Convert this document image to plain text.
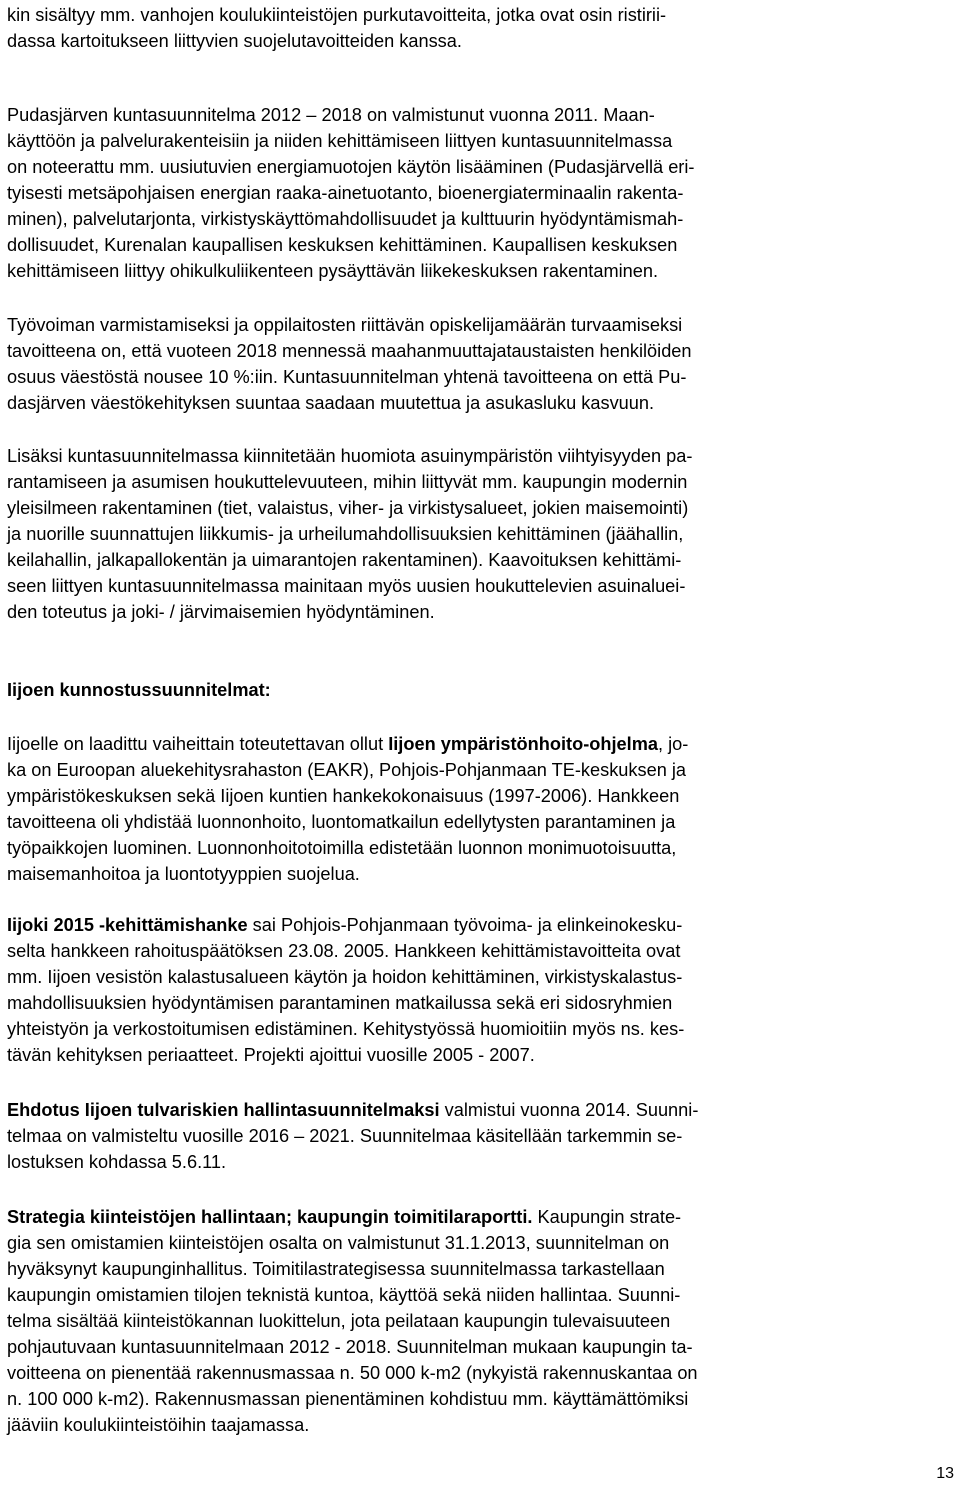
kin sisältyy mm. vanhojen koulukiinteistöjen purkutavoitteita, jotka ovat osin ristirii-
dassa kartoitukseen liittyvien suojelutavoitteiden kanssa.
Pudasjärven kuntasuunnitelma 2012 – 2018 on valmistunut vuonna 2011. Maan-
käyttöön ja palvelurakenteisiin ja niiden kehittämiseen liittyen kuntasuunnitelmassa
on noteerattu mm. uusiutuvien energiamuotojen käytön lisääminen (Pudasjärvellä eri-
tyisesti metsäpohjaisen energian raaka-ainetuotanto, bioenergiaterminaalin rakenta-
minen), palvelutarjonta, virkistyskäyttömahdollisuudet ja kulttuurin hyödyntämismah-
dollisuudet, Kurenalan kaupallisen keskuksen kehittäminen. Kaupallisen keskuksen
kehittämiseen liittyy ohikulkuliikenteen pysäyttävän liikekeskuksen rakentaminen.
Työvoiman varmistamiseksi ja oppilaitosten riittävän opiskelijamäärän turvaamiseksi
tavoitteena on, että vuoteen 2018 mennessä maahanmuuttajataustaisten henkilöiden
osuus väestöstä nousee 10 %:iin. Kuntasuunnitelman yhtenä tavoitteena on että Pu-
dasjärven väestökehityksen suuntaa saadaan muutettua ja asukasluku kasvuun.
Lisäksi kuntasuunnitelmassa kiinnitetään huomiota asuinympäristön viihtyisyyden pa-
rantamiseen ja asumisen houkuttelevuuteen, mihin liittyvät mm. kaupungin modernin
yleisilmeen rakentaminen (tiet, valaistus, viher- ja virkistysalueet, jokien maisemointi)
ja nuorille suunnattujen liikkumis- ja urheilumahdollisuuksien kehittäminen (jäähallin,
keilahallin, jalkapallokentän ja uimarantojen rakentaminen). Kaavoituksen kehittämi-
seen liittyen kuntasuunnitelmassa mainitaan myös uusien houkuttelevien asuinaluei-
den toteutus ja joki- / järvimaisemien hyödyntäminen.
Iijoen kunnostussuunnitelmat:
Iijoelle on laadittu vaiheittain toteutettavan ollut Iijoen ympäristönhoito-ohjelma, jo-
ka on Euroopan aluekehitysrahaston (EAKR), Pohjois-Pohjanmaan TE-keskuksen ja
ympäristökeskuksen sekä Iijoen kuntien hankekokonaisuus (1997-2006). Hankkeen
tavoitteena oli yhdistää luonnonhoito, luontomatkailun edellytysten parantaminen ja
työpaikkojen luominen. Luonnonhoitotoimilla edistetään luonnon monimuotoisuutta,
maisemanhoitoa ja luontotyyppien suojelua.
Iijoki 2015 -kehittämishanke sai Pohjois-Pohjanmaan työvoima- ja elinkeinokesku-
selta hankkeen rahoituspäätöksen 23.08. 2005. Hankkeen kehittämistavoitteita ovat
mm. Iijoen vesistön kalastusalueen käytön ja hoidon kehittäminen, virkistyskalastus-
mahdollisuuksien hyödyntämisen parantaminen matkailussa sekä eri sidosryhmien
yhteistyön ja verkostoitumisen edistäminen. Kehitystyössä huomioitiin myös ns. kes-
tävän kehityksen periaatteet. Projekti ajoittui vuosille 2005 - 2007.
Ehdotus Iijoen tulvariskien hallintasuunnitelmaksi valmistui vuonna 2014. Suunni-
telmaa on valmisteltu vuosille 2016 – 2021. Suunnitelmaa käsitellään tarkemmin se-
lostuksen kohdassa 5.6.11.
Strategia kiinteistöjen hallintaan; kaupungin toimitilaraportti. Kaupungin strate-
gia sen omistamien kiinteistöjen osalta on valmistunut 31.1.2013, suunnitelman on
hyväksynyt kaupunginhallitus. Toimitilastrategisessa suunnitelmassa tarkastellaan
kaupungin omistamien tilojen teknistä kuntoa, käyttöä sekä niiden hallintaa. Suunni-
telma sisältää kiinteistökannan luokittelun, jota peilataan kaupungin tulevaisuuteen
pohjautuvaan kuntasuunnitelmaan 2012 - 2018. Suunnitelman mukaan kaupungin ta-
voitteena on pienentää rakennusmassaa n. 50 000 k-m2 (nykyistä rakennuskantaa on
n. 100 000 k-m2). Rakennusmassan pienentäminen kohdistuu mm. käyttämättömiksi
jääviin koulukiinteistöihin taajamassa.
13
